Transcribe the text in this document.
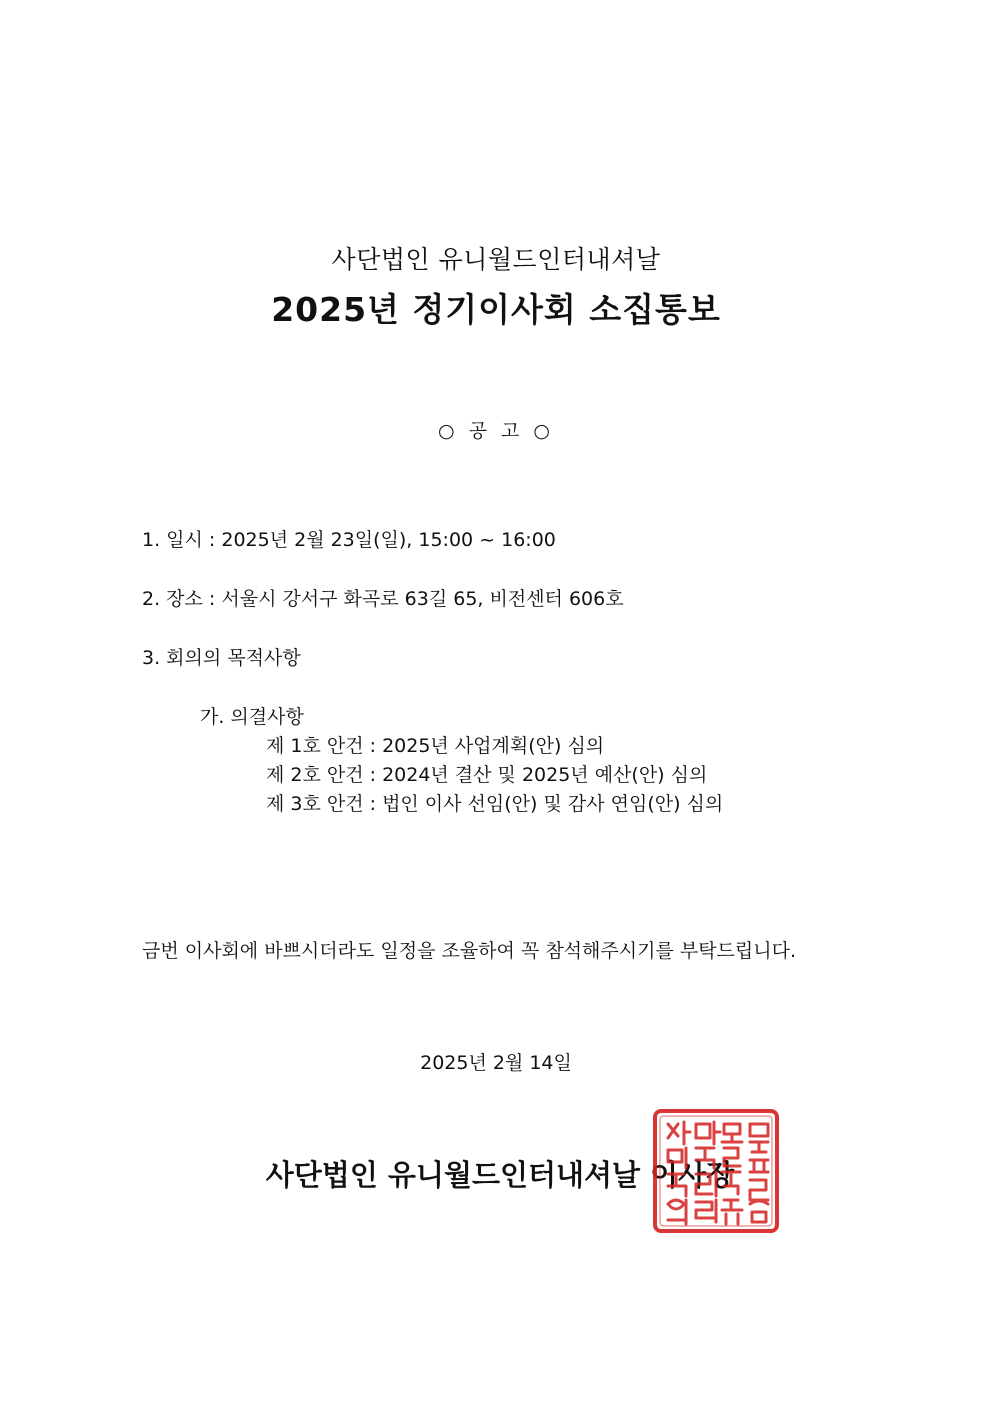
사단법인 유니월드인터내셔날
2025년 정기이사회 소집통보
○ 공 고 ○
1. 일시 : 2025년 2월 23일(일), 15:00 ~ 16:00
2. 장소 : 서울시 강서구 화곡로 63길 65, 비전센터 606호
3. 회의의 목적사항
가. 의결사항
제 1호 안건 : 2025년 사업계획(안) 심의
제 2호 안건 : 2024년 결산 및 2025년 예산(안) 심의
제 3호 안건 : 법인 이사 선임(안) 및 감사 연임(안) 심의
금번 이사회에 바쁘시더라도 일정을 조율하여 꼭 참석해주시기를 부탁드립니다.
2025년 2월 14일
사단법인 유니월드인터내셔날 이사장
